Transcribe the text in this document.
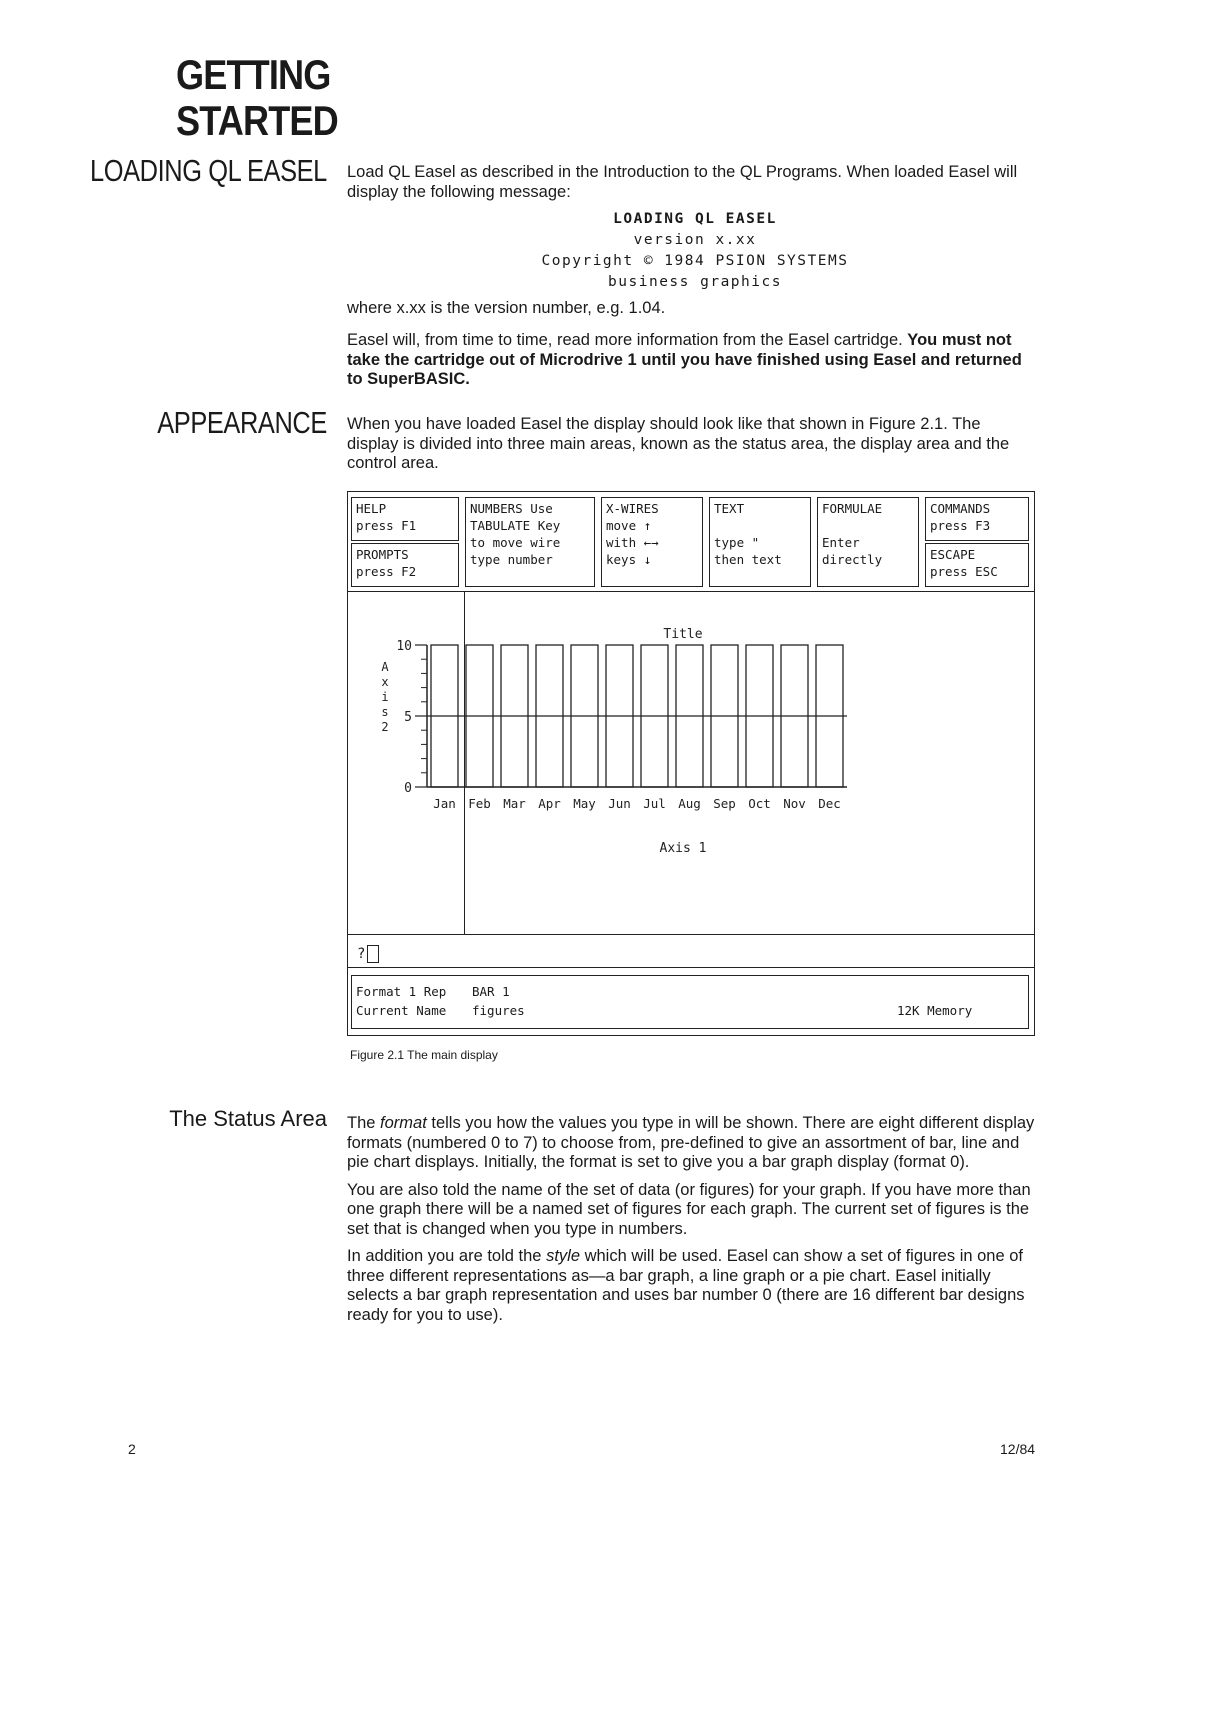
GETTING
STARTED
LOADING QL EASEL Load QL Easel as described in the Introduction to the QL Programs. When loaded Easel will display the following message:
LOADING QL EASEL
version x.xx
Copyright © 1984 PSION SYSTEMS
business graphics
where x.xx is the version number, e.g. 1.04.
Easel will, from time to time, read more information from the Easel cartridge. You must not take the cartridge out of Microdrive 1 until you have finished using Easel and returned to SuperBASIC.
APPEARANCE When you have loaded Easel the display should look like that shown in Figure 2.1. The display is divided into three main areas, known as the status area, the display area and the control area.
HELP
press F1
PROMPTS
press F2
NUMBERS Use
TABULATE Key
to move wire
type number
X-WIRES
move ↑
with ←→
keys ↓
TEXT
type "
then text
FORMULAE
Enter
directly
COMMANDS
press F3
ESCAPE
press ESC
Title
Axis 1
A
x
i
s
2
0
5
10
Jan Feb Mar Apr May Jun Jul Aug Sep Oct Nov Dec
?
Format 1 Rep BAR 1
Current Name figures	12K Memory
Figure 2.1 The main display
The Status Area The format tells you how the values you type in will be shown. There are eight different display formats (numbered 0 to 7) to choose from, pre-defined to give an assortment of bar, line and pie chart displays. Initially, the format is set to give you a bar graph display (format 0).

You are also told the name of the set of data (or figures) for your graph. If you have more than one graph there will be a named set of figures for each graph. The current set of figures is the set that is changed when you type in numbers.

In addition you are told the style which will be used. Easel can show a set of figures in one of three different representations as—a bar graph, a line graph or a pie chart. Easel initially selects a bar graph representation and uses bar number 0 (there are 16 different bar designs ready for you to use).

2	12/84
